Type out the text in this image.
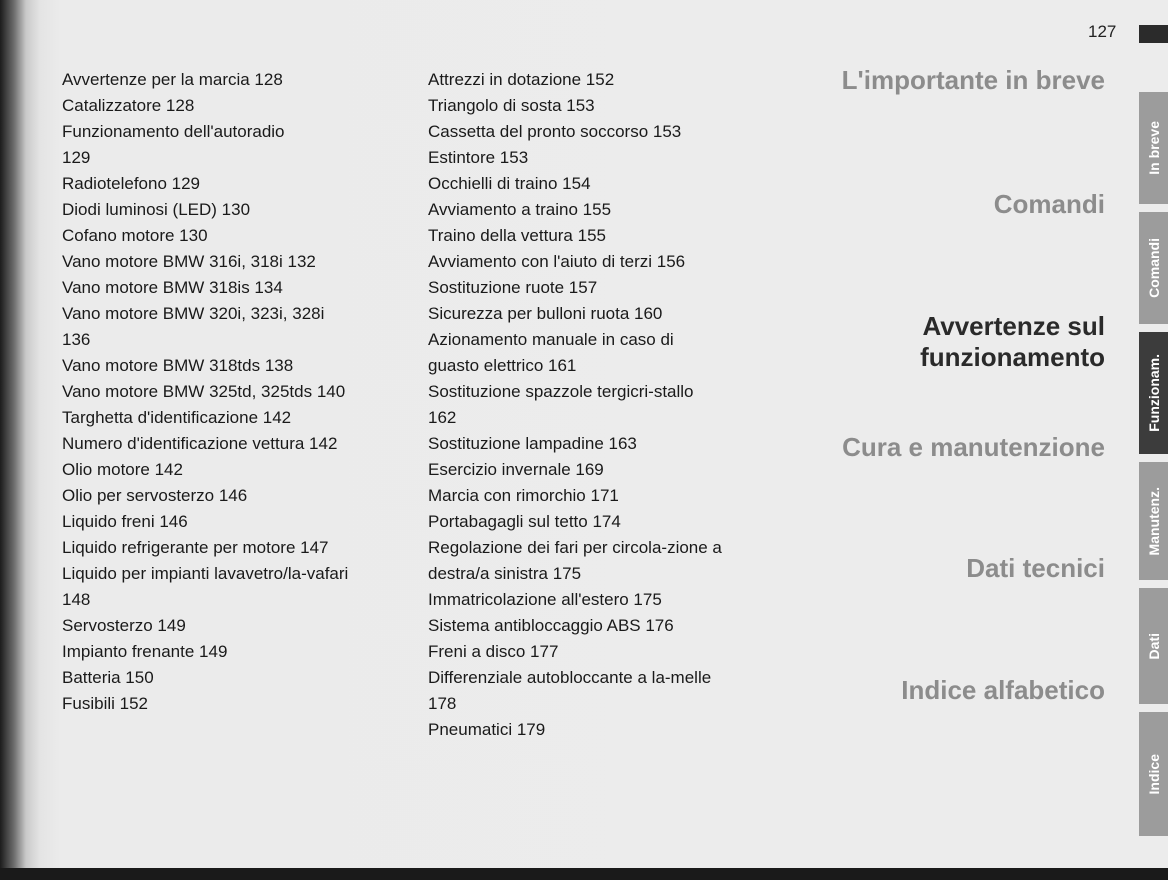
127
Avvertenze per la marcia 128
Catalizzatore 128
Funzionamento dell'autoradio 129
Radiotelefono 129
Diodi luminosi (LED) 130
Cofano motore 130
Vano motore BMW 316i, 318i 132
Vano motore BMW 318is 134
Vano motore BMW 320i, 323i, 328i 136
Vano motore BMW 318tds 138
Vano motore BMW 325td, 325tds 140
Targhetta d'identificazione 142
Numero d'identificazione vettura 142
Olio motore 142
Olio per servosterzo 146
Liquido freni 146
Liquido refrigerante per motore 147
Liquido per impianti lavavetro/la-vafari 148
Servosterzo 149
Impianto frenante 149
Batteria 150
Fusibili 152
Attrezzi in dotazione 152
Triangolo di sosta 153
Cassetta del pronto soccorso 153
Estintore 153
Occhielli di traino 154
Avviamento a traino 155
Traino della vettura 155
Avviamento con l'aiuto di terzi 156
Sostituzione ruote 157
Sicurezza per bulloni ruota 160
Azionamento manuale in caso di guasto elettrico 161
Sostituzione spazzole tergicri-stallo 162
Sostituzione lampadine 163
Esercizio invernale 169
Marcia con rimorchio 171
Portabagagli sul tetto 174
Regolazione dei fari per circola-zione a destra/a sinistra 175
Immatricolazione all'estero 175
Sistema antibloccaggio ABS 176
Freni a disco 177
Differenziale autobloccante a la-melle 178
Pneumatici 179
L'importante in breve
Comandi
Avvertenze sul funzionamento
Cura e manutenzione
Dati tecnici
Indice alfabetico
In breve
Comandi
Funzionam.
Manutenz.
Dati
Indice
